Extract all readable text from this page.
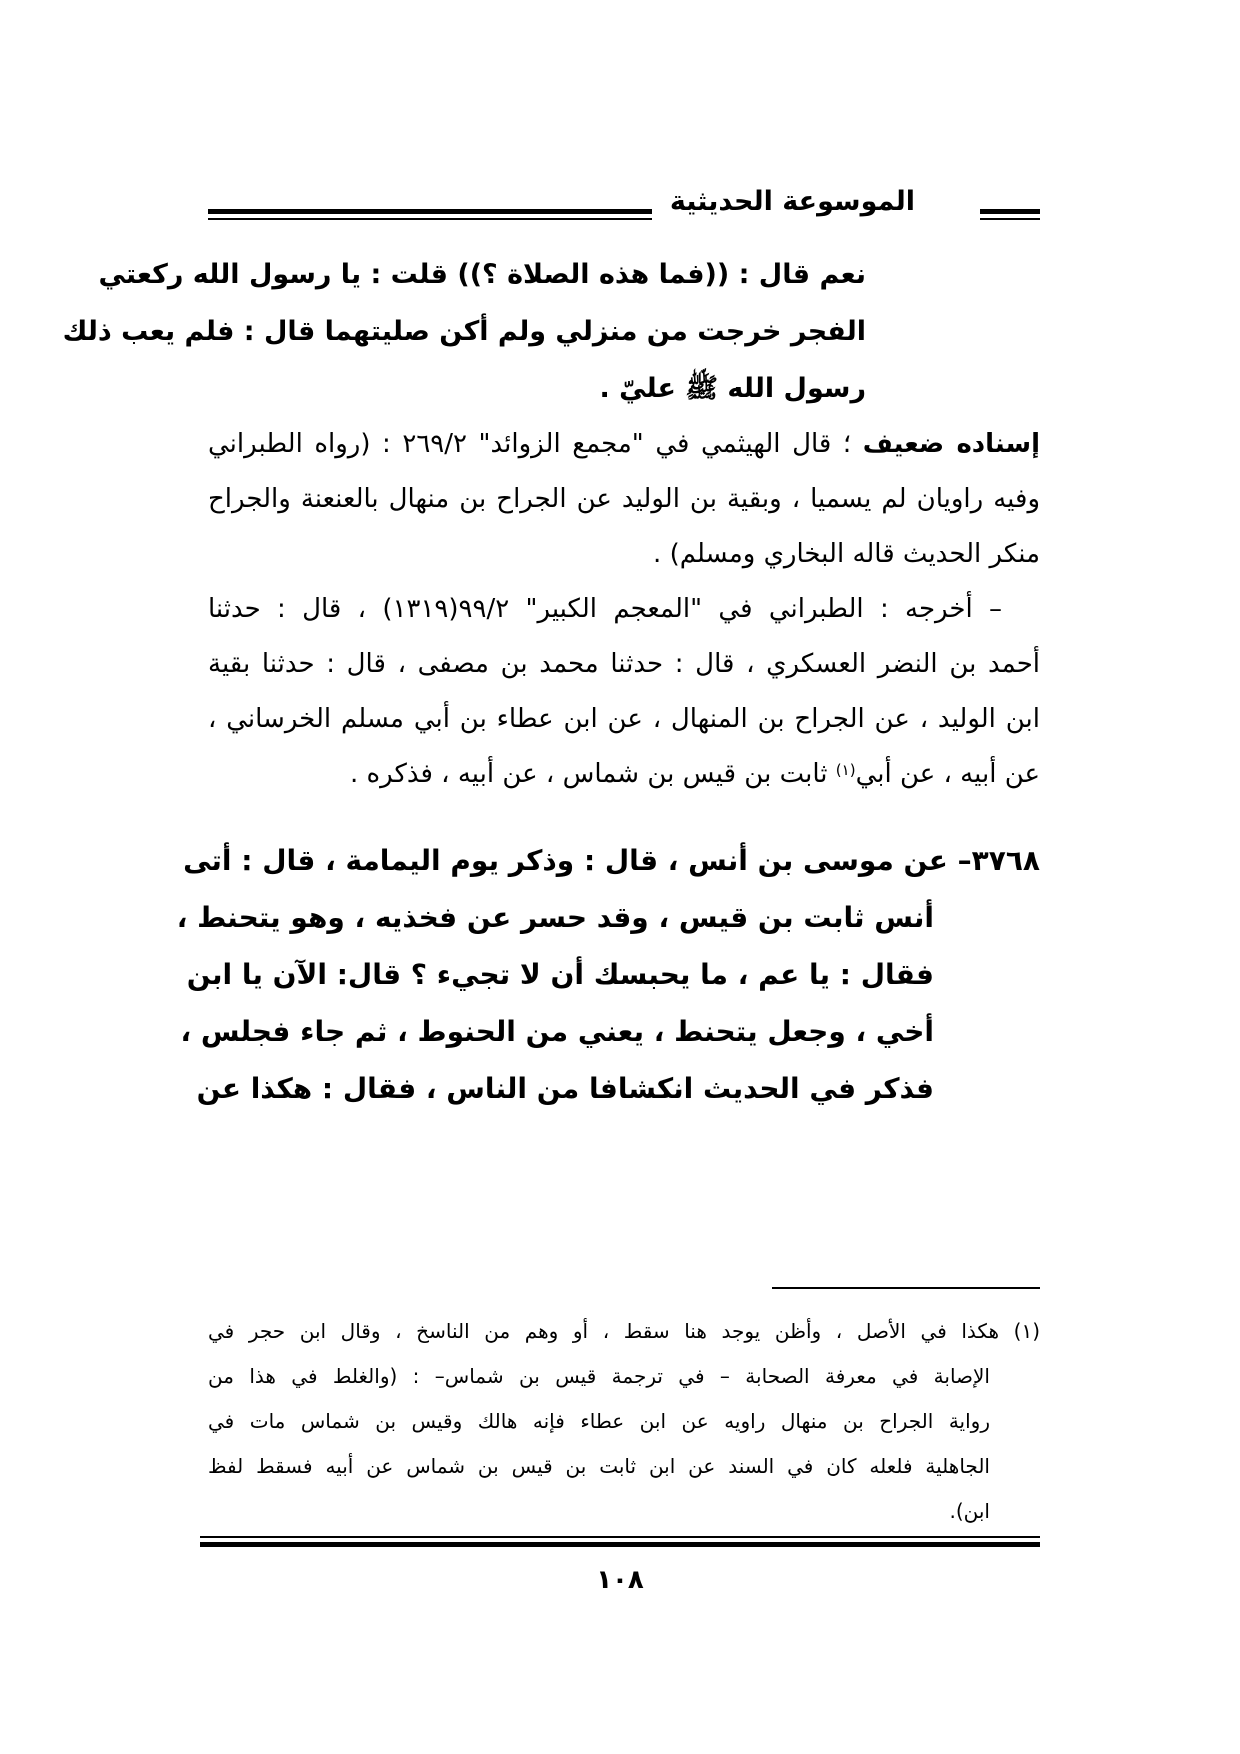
الموسوعة الحديثية

نعم قال : ((فما هذه الصلاة ؟)) قلت : يا رسول الله ركعتي
الفجر خرجت من منزلي ولم أكن صليتهما قال : فلم يعب ذلك
رسول الله ﷺ عليّ .

إسناده ضعيف ؛ قال الهيثمي في "مجمع الزوائد" ٢٦٩/٢ : (رواه الطبراني
وفيه راويان لم يسميا ، وبقية بن الوليد عن الجراح بن منهال بالعنعنة والجراح
منكر الحديث قاله البخاري ومسلم) .

– أخرجه : الطبراني في "المعجم الكبير" ٩٩/٢(١٣١٩) ، قال : حدثنا
أحمد بن النضر العسكري ، قال : حدثنا محمد بن مصفى ، قال : حدثنا بقية
ابن الوليد ، عن الجراح بن المنهال ، عن ابن عطاء بن أبي مسلم الخرساني ،
عن أبيه ، عن أبي$^{(١)}$ ثابت بن قيس بن شماس ، عن أبيه ، فذكره .

٣٧٦٨– عن موسى بن أنس ، قال : وذكر يوم اليمامة ، قال : أتى
أنس ثابت بن قيس ، وقد حسر عن فخذيه ، وهو يتحنط ،
فقال : يا عم ، ما يحبسك أن لا تجيء ؟ قال: الآن يا ابن
أخي ، وجعل يتحنط ، يعني من الحنوط ، ثم جاء فجلس ،
فذكر في الحديث انكشافا من الناس ، فقال : هكذا عن

(١) هكذا في الأصل ، وأظن يوجد هنا سقط ، أو وهم من الناسخ ، وقال ابن حجر في
الإصابة في معرفة الصحابة – في ترجمة قيس بن شماس– : (والغلط في هذا من
رواية الجراح بن منهال راويه عن ابن عطاء فإنه هالك وقيس بن شماس مات في
الجاهلية فلعله كان في السند عن ابن ثابت بن قيس بن شماس عن أبيه فسقط لفظ
ابن).

١٠٨
